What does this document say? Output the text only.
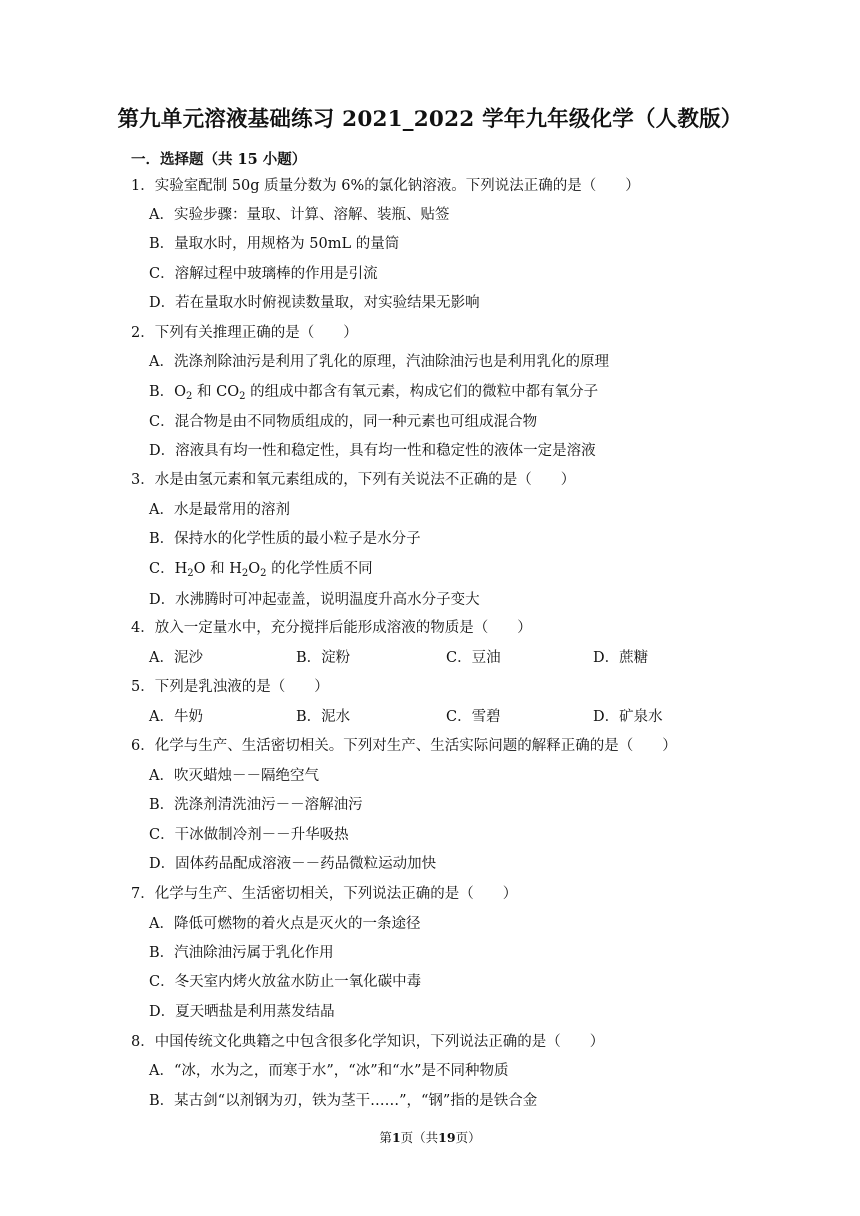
第九单元溶液基础练习 2021_2022 学年九年级化学（人教版）
一．选择题（共 15 小题）
1．实验室配制 50g 质量分数为 6%的氯化钠溶液。下列说法正确的是（　　）
A．实验步骤：量取、计算、溶解、装瓶、贴签
B．量取水时，用规格为 50mL 的量筒
C．溶解过程中玻璃棒的作用是引流
D．若在量取水时俯视读数量取，对实验结果无影响
2．下列有关推理正确的是（　　）
A．洗涤剂除油污是利用了乳化的原理，汽油除油污也是利用乳化的原理
B．$O_2$ 和 $CO_2$ 的组成中都含有氧元素，构成它们的微粒中都有氧分子
C．混合物是由不同物质组成的，同一种元素也可组成混合物
D．溶液具有均一性和稳定性，具有均一性和稳定性的液体一定是溶液
3．水是由氢元素和氧元素组成的，下列有关说法不正确的是（　　）
A．水是最常用的溶剂
B．保持水的化学性质的最小粒子是水分子
C．$H_2O$ 和 $H_2O_2$ 的化学性质不同
D．水沸腾时可冲起壶盖，说明温度升高水分子变大
4．放入一定量水中，充分搅拌后能形成溶液的物质是（　　）
A．泥沙	B．淀粉	C．豆油	D．蔗糖
5．下列是乳浊液的是（　　）
A．牛奶	B．泥水	C．雪碧	D．矿泉水
6．化学与生产、生活密切相关。下列对生产、生活实际问题的解释正确的是（　　）
A．吹灭蜡烛－－隔绝空气
B．洗涤剂清洗油污－－溶解油污
C．干冰做制冷剂－－升华吸热
D．固体药品配成溶液－－药品微粒运动加快
7．化学与生产、生活密切相关，下列说法正确的是（　　）
A．降低可燃物的着火点是灭火的一条途径
B．汽油除油污属于乳化作用
C．冬天室内烤火放盆水防止一氧化碳中毒
D．夏天晒盐是利用蒸发结晶
8．中国传统文化典籍之中包含很多化学知识，下列说法正确的是（　　）
A．“冰，水为之，而寒于水”，“冰”和“水”是不同种物质
B．某古剑“以剂钢为刃，铁为茎干……”，“钢”指的是铁合金
第1页（共19页）
